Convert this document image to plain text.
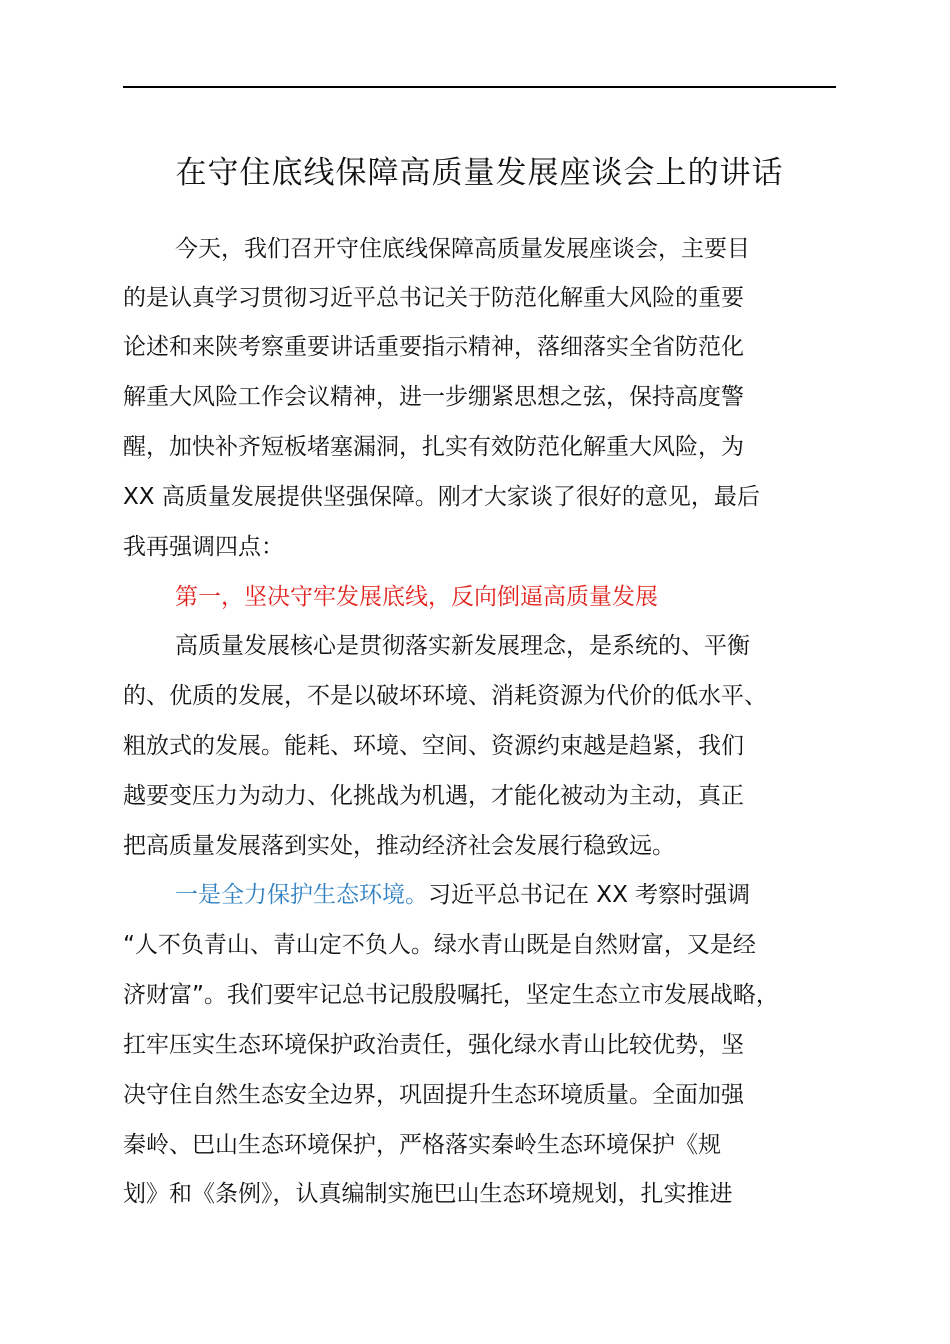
在守住底线保障高质量发展座谈会上的讲话
今天，我们召开守住底线保障高质量发展座谈会，主要目
的是认真学习贯彻习近平总书记关于防范化解重大风险的重要
论述和来陕考察重要讲话重要指示精神，落细落实全省防范化
解重大风险工作会议精神，进一步绷紧思想之弦，保持高度警
醒，加快补齐短板堵塞漏洞，扎实有效防范化解重大风险，为
XX 高质量发展提供坚强保障。刚才大家谈了很好的意见，最后
我再强调四点：
第一，坚决守牢发展底线，反向倒逼高质量发展
高质量发展核心是贯彻落实新发展理念，是系统的、平衡
的、优质的发展，不是以破坏环境、消耗资源为代价的低水平、
粗放式的发展。能耗、环境、空间、资源约束越是趋紧，我们
越要变压力为动力、化挑战为机遇，才能化被动为主动，真正
把高质量发展落到实处，推动经济社会发展行稳致远。
一是全力保护生态环境。习近平总书记在 XX 考察时强调
“人不负青山、青山定不负人。绿水青山既是自然财富，又是经
济财富”。我们要牢记总书记殷殷嘱托，坚定生态立市发展战略，
扛牢压实生态环境保护政治责任，强化绿水青山比较优势，坚
决守住自然生态安全边界，巩固提升生态环境质量。全面加强
秦岭、巴山生态环境保护，严格落实秦岭生态环境保护《规
划》和《条例》，认真编制实施巴山生态环境规划，扎实推进
